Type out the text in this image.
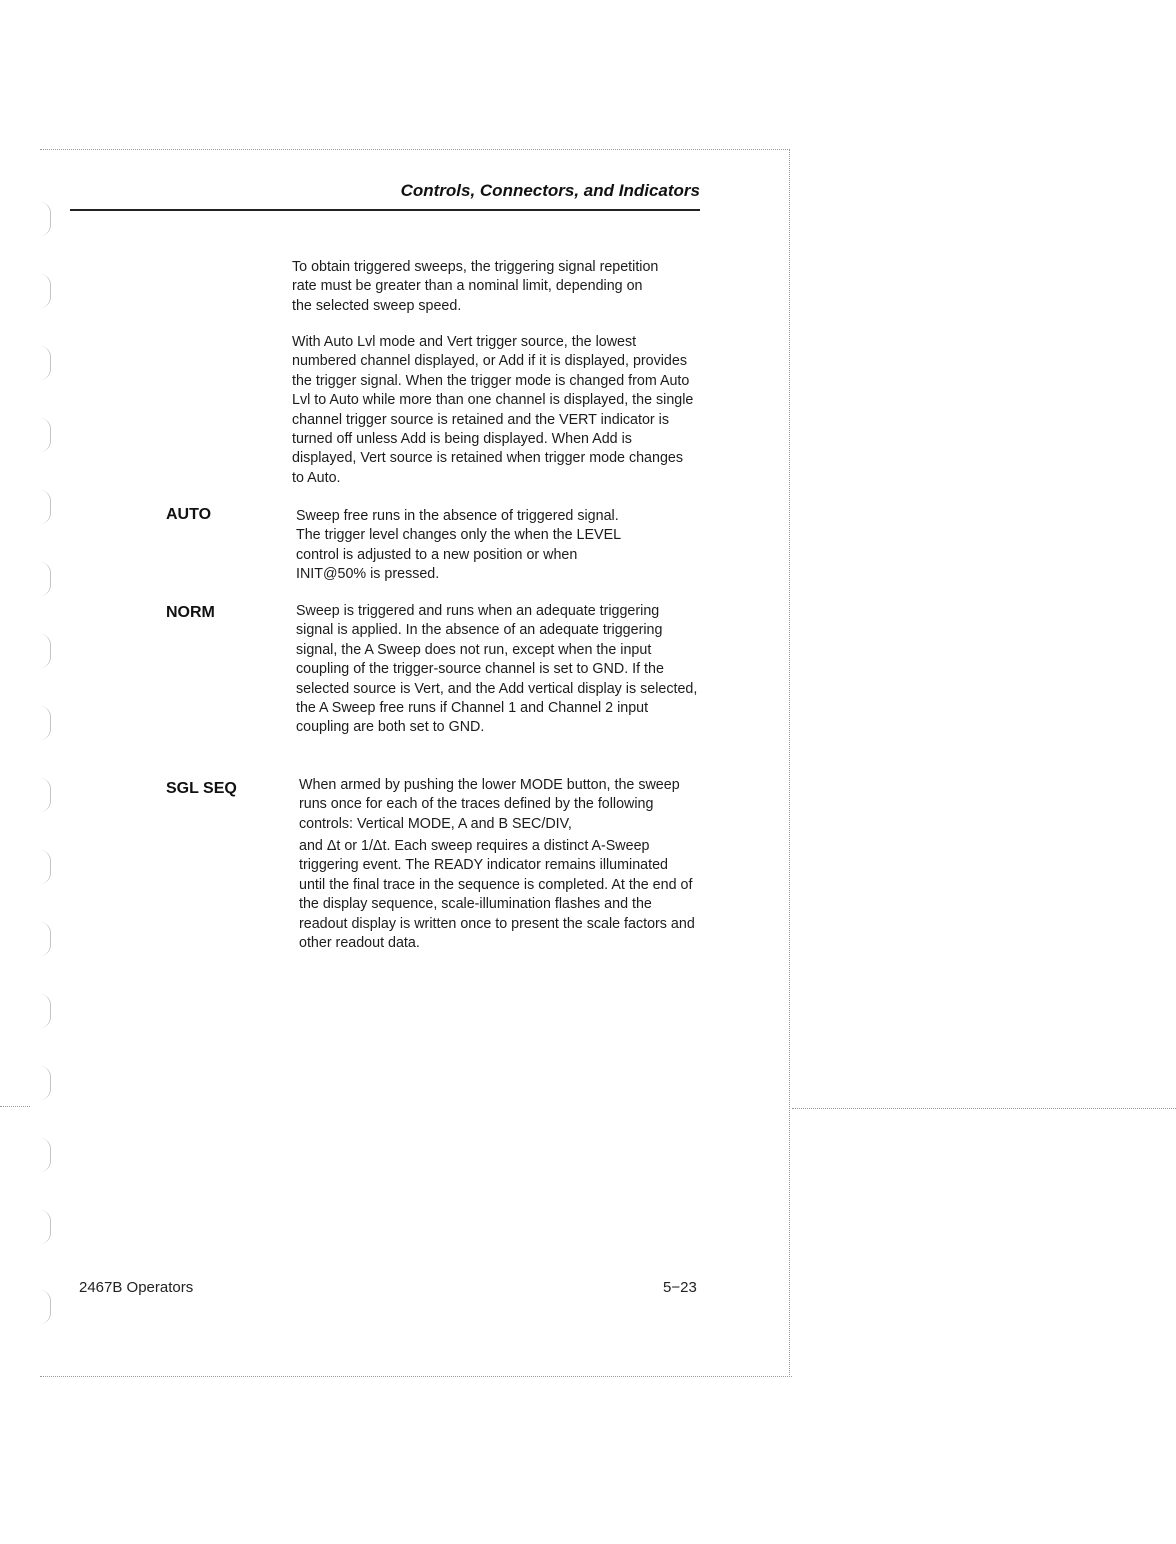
Controls, Connectors, and Indicators

To obtain triggered sweeps, the triggering signal repetition rate must be greater than a nominal limit, depending on the selected sweep speed.

With Auto Lvl mode and Vert trigger source, the lowest numbered channel displayed, or Add if it is displayed, provides the trigger signal. When the trigger mode is changed from Auto Lvl to Auto while more than one channel is displayed, the single channel trigger source is retained and the VERT indicator is turned off unless Add is being displayed. When Add is displayed, Vert source is retained when trigger mode changes to Auto.

AUTO	Sweep free runs in the absence of triggered signal. The trigger level changes only the when the LEVEL control is adjusted to a new position or when INIT@50% is pressed.

NORM	Sweep is triggered and runs when an adequate triggering signal is applied. In the absence of an adequate triggering signal, the A Sweep does not run, except when the input coupling of the trigger-source channel is set to GND. If the selected source is Vert, and the Add vertical display is selected, the A Sweep free runs if Channel 1 and Channel 2 input coupling are both set to GND.

SGL SEQ	When armed by pushing the lower MODE button, the sweep runs once for each of the traces defined by the following controls: Vertical MODE, A and B SEC/DIV,

and Δt or 1/Δt. Each sweep requires a distinct A-Sweep triggering event. The READY indicator remains illuminated until the final trace in the sequence is completed. At the end of the display sequence, scale-illumination flashes and the readout display is written once to present the scale factors and other readout data.

2467B Operators	5−23
